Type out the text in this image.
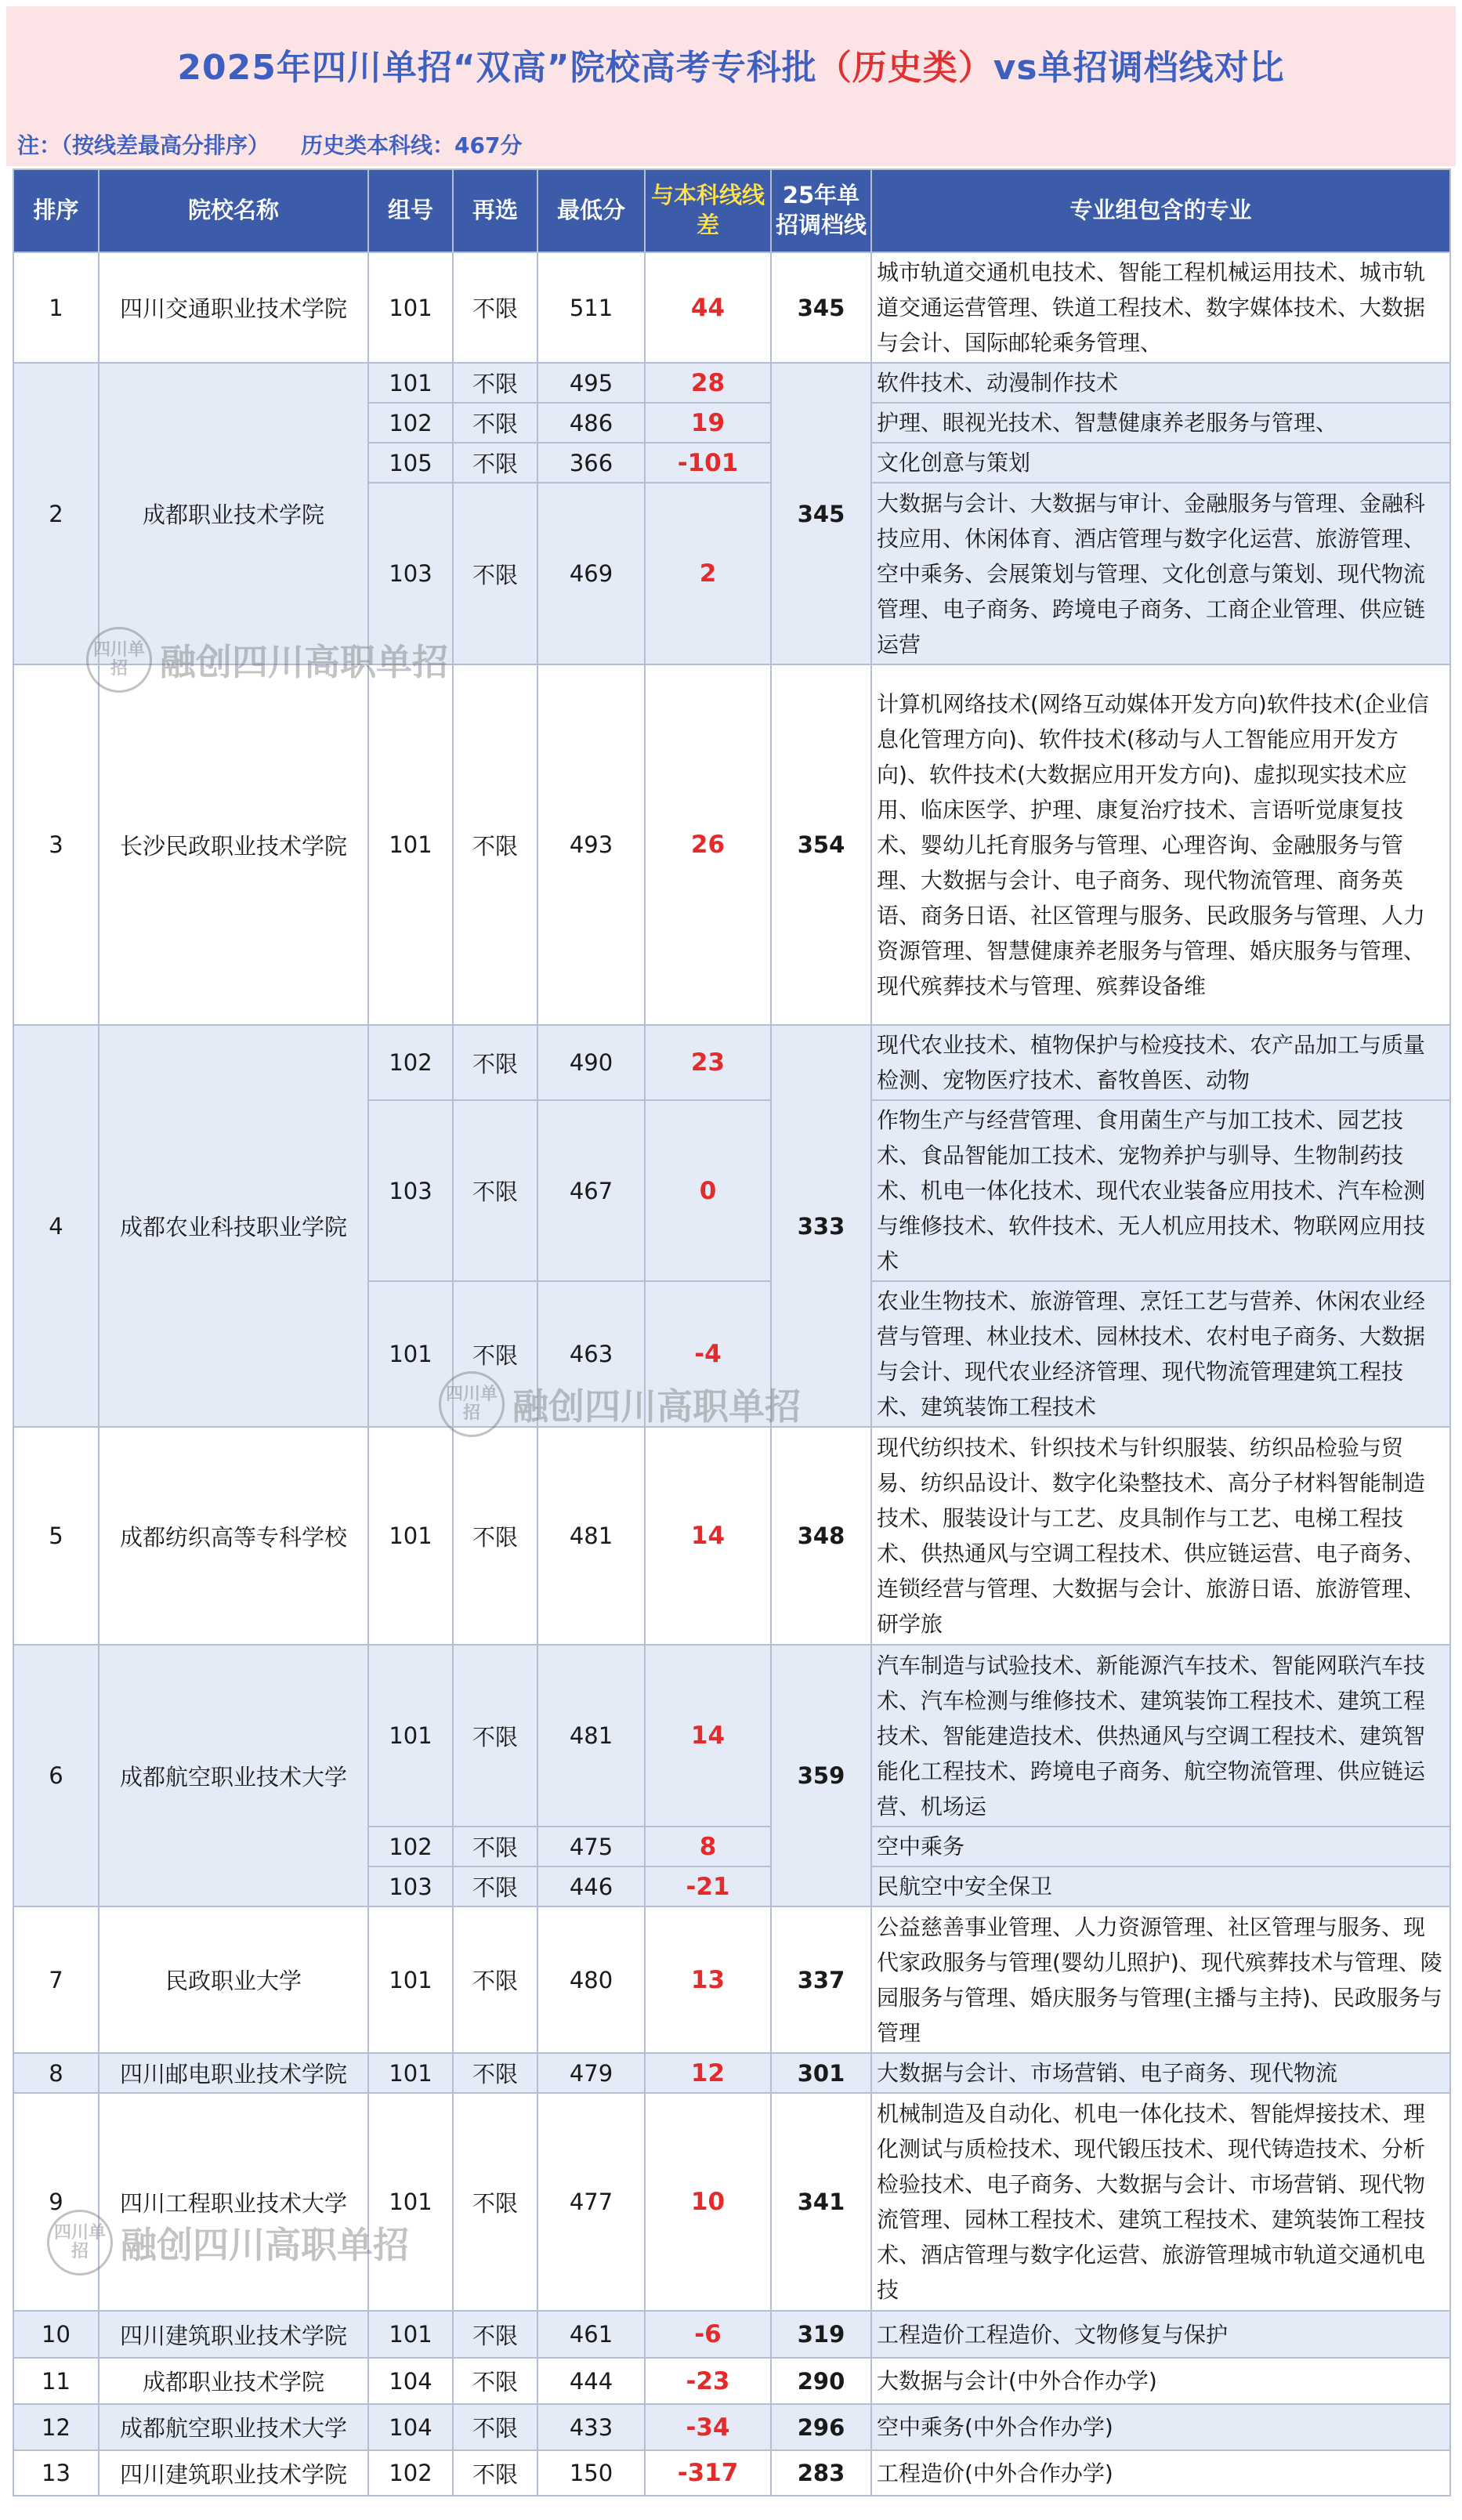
2025年四川单招“双高”院校高考专科批（历史类）vs单招调档线对比
注：（按线差最高分排序） 历史类本科线：467分
排序	院校名称	组号	再选	最低分	与本科线线差	25年单招调档线	专业组包含的专业
1	四川交通职业技术学院	101	不限	511	44	345	城市轨道交通机电技术、智能工程机械运用技术、城市轨道交通运营管理、铁道工程技术、数字媒体技术、大数据与会计、国际邮轮乘务管理、
2	成都职业技术学院	101	不限	495	28	345	软件技术、动漫制作技术
		102	不限	486	19		护理、眼视光技术、智慧健康养老服务与管理、
		105	不限	366	-101		文化创意与策划
		103	不限	469	2		大数据与会计、大数据与审计、金融服务与管理、金融科技应用、休闲体育、酒店管理与数字化运营、旅游管理、空中乘务、会展策划与管理、文化创意与策划、现代物流管理、电子商务、跨境电子商务、工商企业管理、供应链运营
3	长沙民政职业技术学院	101	不限	493	26	354	计算机网络技术(网络互动媒体开发方向)软件技术(企业信息化管理方向)、软件技术(移动与人工智能应用开发方向)、软件技术(大数据应用开发方向)、虚拟现实技术应用、临床医学、护理、康复治疗技术、言语听觉康复技术、婴幼儿托育服务与管理、心理咨询、金融服务与管理、大数据与会计、电子商务、现代物流管理、商务英语、商务日语、社区管理与服务、民政服务与管理、人力资源管理、智慧健康养老服务与管理、婚庆服务与管理、现代殡葬技术与管理、殡葬设备维
4	成都农业科技职业学院	102	不限	490	23	333	现代农业技术、植物保护与检疫技术、农产品加工与质量检测、宠物医疗技术、畜牧兽医、动物
		103	不限	467	0		作物生产与经营管理、食用菌生产与加工技术、园艺技术、食品智能加工技术、宠物养护与驯导、生物制药技术、机电一体化技术、现代农业装备应用技术、汽车检测与维修技术、软件技术、无人机应用技术、物联网应用技术
		101	不限	463	-4		农业生物技术、旅游管理、烹饪工艺与营养、休闲农业经营与管理、林业技术、园林技术、农村电子商务、大数据与会计、现代农业经济管理、现代物流管理建筑工程技术、建筑装饰工程技术
5	成都纺织高等专科学校	101	不限	481	14	348	现代纺织技术、针织技术与针织服装、纺织品检验与贸易、纺织品设计、数字化染整技术、高分子材料智能制造技术、服装设计与工艺、皮具制作与工艺、电梯工程技术、供热通风与空调工程技术、供应链运营、电子商务、连锁经营与管理、大数据与会计、旅游日语、旅游管理、研学旅
6	成都航空职业技术大学	101	不限	481	14	359	汽车制造与试验技术、新能源汽车技术、智能网联汽车技术、汽车检测与维修技术、建筑装饰工程技术、建筑工程技术、智能建造技术、供热通风与空调工程技术、建筑智能化工程技术、跨境电子商务、航空物流管理、供应链运营、机场运
		102	不限	475	8		空中乘务
		103	不限	446	-21		民航空中安全保卫
7	民政职业大学	101	不限	480	13	337	公益慈善事业管理、人力资源管理、社区管理与服务、现代家政服务与管理(婴幼儿照护)、现代殡葬技术与管理、陵园服务与管理、婚庆服务与管理(主播与主持)、民政服务与管理
8	四川邮电职业技术学院	101	不限	479	12	301	大数据与会计、市场营销、电子商务、现代物流
9	四川工程职业技术大学	101	不限	477	10	341	机械制造及自动化、机电一体化技术、智能焊接技术、理化测试与质检技术、现代锻压技术、现代铸造技术、分析检验技术、电子商务、大数据与会计、市场营销、现代物流管理、园林工程技术、建筑工程技术、建筑装饰工程技术、酒店管理与数字化运营、旅游管理城市轨道交通机电技
10	四川建筑职业技术学院	101	不限	461	-6	319	工程造价工程造价、文物修复与保护
11	成都职业技术学院	104	不限	444	-23	290	大数据与会计(中外合作办学)
12	成都航空职业技术大学	104	不限	433	-34	296	空中乘务(中外合作办学)
13	四川建筑职业技术学院	102	不限	150	-317	283	工程造价(中外合作办学)
四川单招 融创四川高职单招
四川单招 融创四川高职单招
四川单招 融创四川高职单招
